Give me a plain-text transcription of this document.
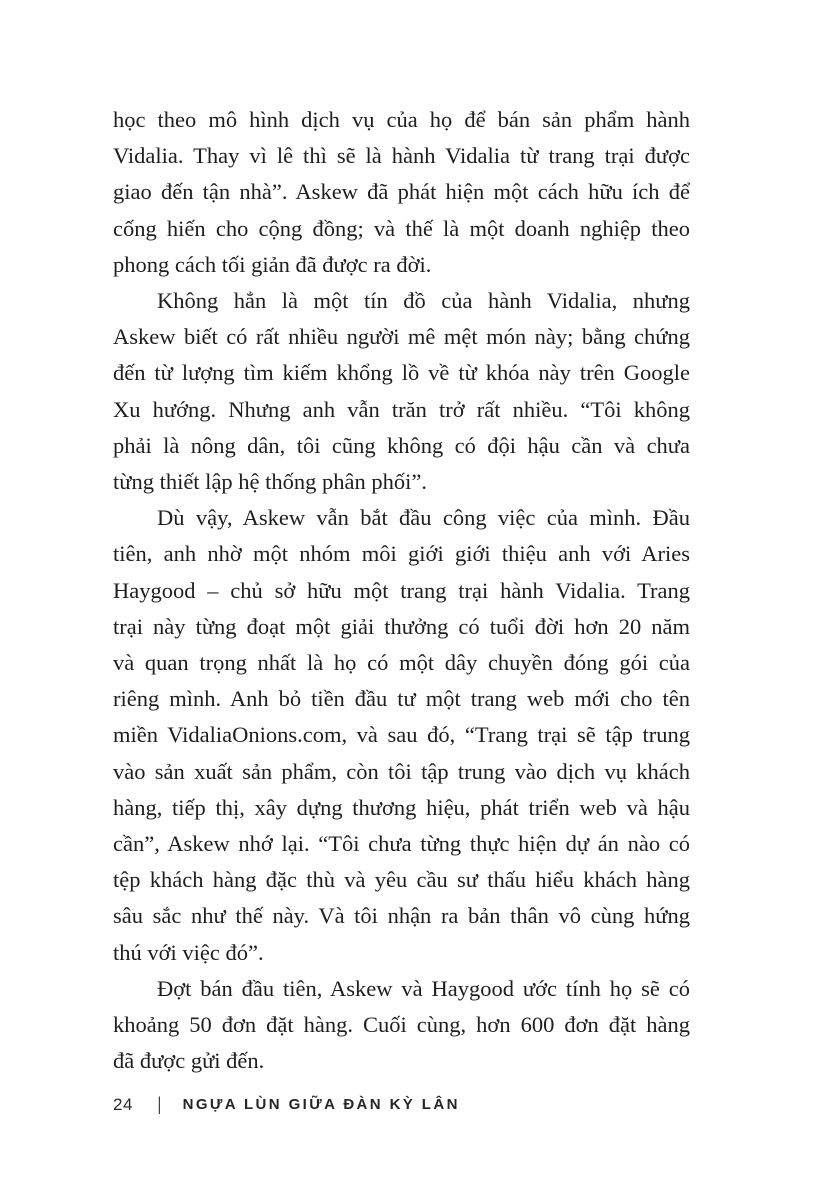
học theo mô hình dịch vụ của họ để bán sản phẩm hành
Vidalia. Thay vì lê thì sẽ là hành Vidalia từ trang trại được
giao đến tận nhà”. Askew đã phát hiện một cách hữu ích để
cống hiến cho cộng đồng; và thế là một doanh nghiệp theo
phong cách tối giản đã được ra đời.
Không hẳn là một tín đồ của hành Vidalia, nhưng
Askew biết có rất nhiều người mê mệt món này; bằng chứng
đến từ lượng tìm kiếm khổng lồ về từ khóa này trên Google
Xu hướng. Nhưng anh vẫn trăn trở rất nhiều. “Tôi không
phải là nông dân, tôi cũng không có đội hậu cần và chưa
từng thiết lập hệ thống phân phối”.
Dù vậy, Askew vẫn bắt đầu công việc của mình. Đầu
tiên, anh nhờ một nhóm môi giới giới thiệu anh với Aries
Haygood – chủ sở hữu một trang trại hành Vidalia. Trang
trại này từng đoạt một giải thưởng có tuổi đời hơn 20 năm
và quan trọng nhất là họ có một dây chuyền đóng gói của
riêng mình. Anh bỏ tiền đầu tư một trang web mới cho tên
miền VidaliaOnions.com, và sau đó, “Trang trại sẽ tập trung
vào sản xuất sản phẩm, còn tôi tập trung vào dịch vụ khách
hàng, tiếp thị, xây dựng thương hiệu, phát triển web và hậu
cần”, Askew nhớ lại. “Tôi chưa từng thực hiện dự án nào có
tệp khách hàng đặc thù và yêu cầu sư thấu hiểu khách hàng
sâu sắc như thế này. Và tôi nhận ra bản thân vô cùng hứng
thú với việc đó”.
Đợt bán đầu tiên, Askew và Haygood ước tính họ sẽ có
khoảng 50 đơn đặt hàng. Cuối cùng, hơn 600 đơn đặt hàng
đã được gửi đến.
24 | NGỰA LÙN GIỮA ĐÀN KỲ LÂN
